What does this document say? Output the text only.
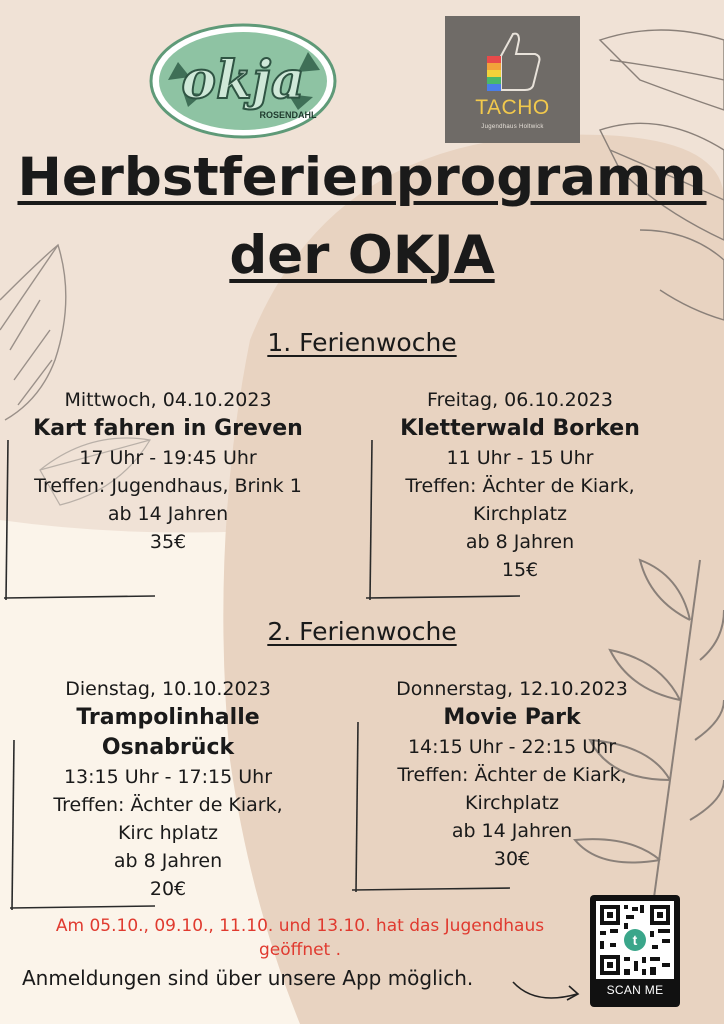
okja
ROSENDAHL	TACHO
Jugendhaus Holtwick
Herbstferienprogramm
der OKJA
1. Ferienwoche
2. Ferienwoche
Mittwoch, 04.10.2023
Kart fahren in Greven
17 Uhr - 19:45 Uhr
Treffen: Jugendhaus, Brink 1
ab 14 Jahren
35€
Freitag, 06.10.2023
Kletterwald Borken
11 Uhr - 15 Uhr
Treffen: Ächter de Kiark,
Kirchplatz
ab 8 Jahren
15€
Dienstag, 10.10.2023
Trampolinhalle
Osnabrück
13:15 Uhr - 17:15 Uhr
Treffen: Ächter de Kiark,
Kirc hplatz
ab 8 Jahren
20€
Donnerstag, 12.10.2023
Movie Park
14:15 Uhr - 22:15 Uhr
Treffen: Ächter de Kiark,
Kirchplatz
ab 14 Jahren
30€
Am 05.10., 09.10., 11.10. und 13.10. hat das Jugendhaus
geöffnet .
Anmeldungen sind über unsere App möglich.
t
SCAN ME
